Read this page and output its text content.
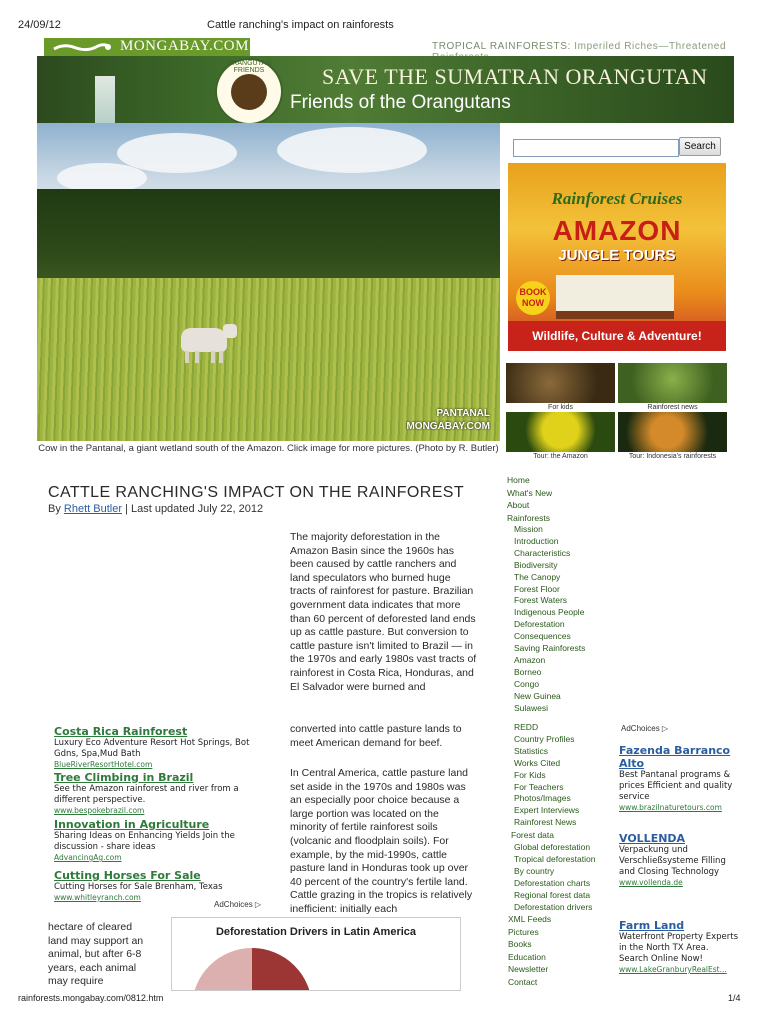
24/09/12	Cattle ranching's impact on rainforests
MONGABAY.COM	TROPICAL RAINFORESTS: Imperiled Riches—Threatened
ORANGUTAN FRIENDS	SAVE THE SUMATRAN ORANGUTAN
Friends of the Orangutans
PANTANAL
MONGABAY.COM
Cow in the Pantanal, a giant wetland south of the Amazon. Click image for more pictures. (Photo by R. Butler)
Search
Rainforest Cruises
AMAZON
JUNGLE TOURS
BOOK NOW
Wildlife, Culture & Adventure!
For kids	Rainforest news
Tour: the Amazon	Tour: Indonesia's rainforests
CATTLE RANCHING'S IMPACT ON THE RAINFOREST
By Rhett Butler | Last updated July 22, 2012
The majority deforestation in the Amazon Basin since the 1960s has been caused by cattle ranchers and land speculators who burned huge tracts of rainforest for pasture. Brazilian government data indicates that more than 60 percent of deforested land ends up as cattle pasture. But conversion to cattle pasture isn't limited to Brazil — in the 1970s and early 1980s vast tracts of rainforest in Costa Rica, Honduras, and El Salvador were burned and
converted into cattle pasture lands to meet American demand for beef.
In Central America, cattle pasture land set aside in the 1970s and 1980s was an especially poor choice because a large portion was located on the minority of fertile rainforest soils (volcanic and floodplain soils). For example, by the mid-1990s, cattle pasture land in Honduras took up over 40 percent of the country's fertile land. Cattle grazing in the tropics is relatively inefficient: initially each
hectare of cleared land may support an animal, but after 6-8 years, each animal may require
Costa Rica Rainforest
Luxury Eco Adventure Resort Hot Springs, Bot Gdns, Spa,Mud Bath
BlueRiverResortHotel.com
Tree Climbing in Brazil
See the Amazon rainforest and river from a different perspective.
www.bespokebrazil.com
Innovation in Agriculture
Sharing Ideas on Enhancing Yields Join the discussion - share ideas
AdvancingAg.com
Cutting Horses For Sale
Cutting Horses for Sale Brenham, Texas
www.whitleyranch.com
AdChoices ▷
Deforestation Drivers in Latin America
Home
What's New
About
Rainforests
Mission
Introduction
Characteristics
Biodiversity
The Canopy
Forest Floor
Forest Waters
Indigenous People
Deforestation
Consequences
Saving Rainforests
Amazon
Borneo
Congo
New Guinea
Sulawesi
REDD
Country Profiles
Statistics
Works Cited
For Kids
For Teachers
Photos/Images
Expert Interviews
Rainforest News
Global deforestation
Tropical deforestation
By country
Deforestation charts
Regional forest data
Deforestation drivers
XML Feeds
Pictures
Books
Education
Newsletter
Contact
Forest data
AdChoices ▷
Fazenda Barranco Alto
Best Pantanal programs & prices Efficient and quality service
www.brazilnaturetours.com
VOLLENDA
Verpackung und Verschließsysteme Filling and Closing Technology
www.vollenda.de
Farm Land
Waterfront Property Experts in the North TX Area. Search Online Now!
www.LakeGranburyRealEst...
rainforests.mongabay.com/0812.htm	1/4
